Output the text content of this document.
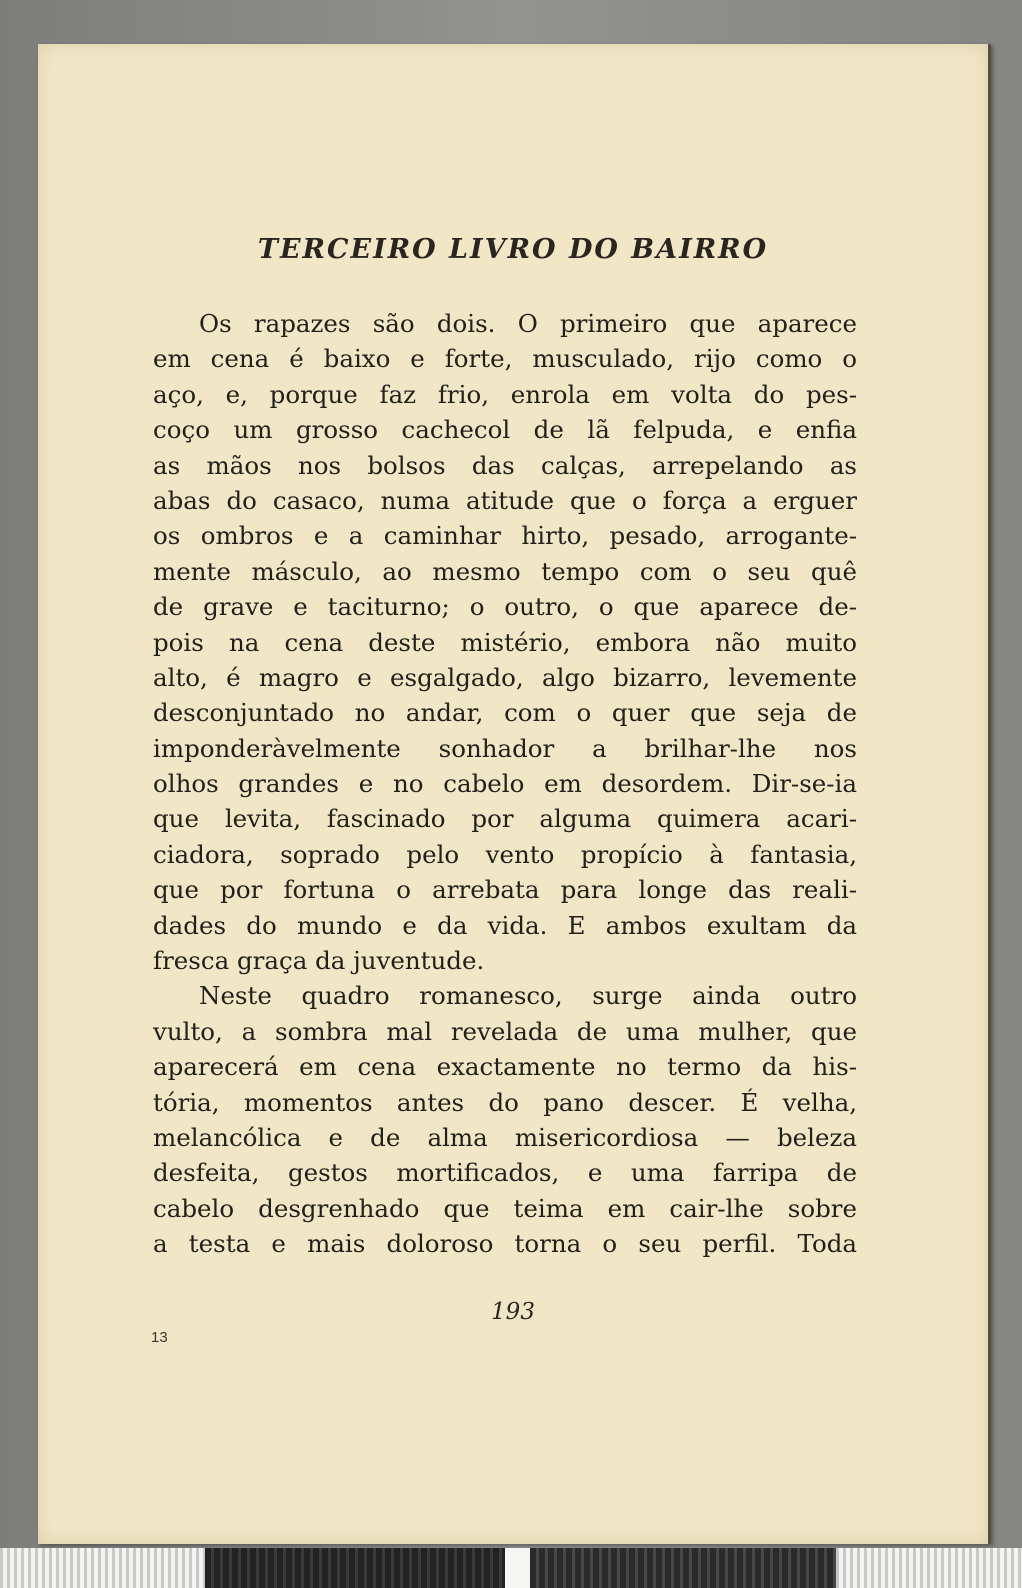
TERCEIRO LIVRO DO BAIRRO
Os rapazes são dois. O primeiro que aparece
em cena é baixo e forte, musculado, rijo como o
aço, e, porque faz frio, enrola em volta do pes-
coço um grosso cachecol de lã felpuda, e enfia
as mãos nos bolsos das calças, arrepelando as
abas do casaco, numa atitude que o força a erguer
os ombros e a caminhar hirto, pesado, arrogante-
mente másculo, ao mesmo tempo com o seu quê
de grave e taciturno; o outro, o que aparece de-
pois na cena deste mistério, embora não muito
alto, é magro e esgalgado, algo bizarro, levemente
desconjuntado no andar, com o quer que seja de
imponderàvelmente sonhador a brilhar-lhe nos
olhos grandes e no cabelo em desordem. Dir-se-ia
que levita, fascinado por alguma quimera acari-
ciadora, soprado pelo vento propício à fantasia,
que por fortuna o arrebata para longe das reali-
dades do mundo e da vida. E ambos exultam da
fresca graça da juventude.
Neste quadro romanesco, surge ainda outro
vulto, a sombra mal revelada de uma mulher, que
aparecerá em cena exactamente no termo da his-
tória, momentos antes do pano descer. É velha,
melancólica e de alma misericordiosa — beleza
desfeita, gestos mortificados, e uma farripa de
cabelo desgrenhado que teima em cair-lhe sobre
a testa e mais doloroso torna o seu perfil. Toda
193
13
